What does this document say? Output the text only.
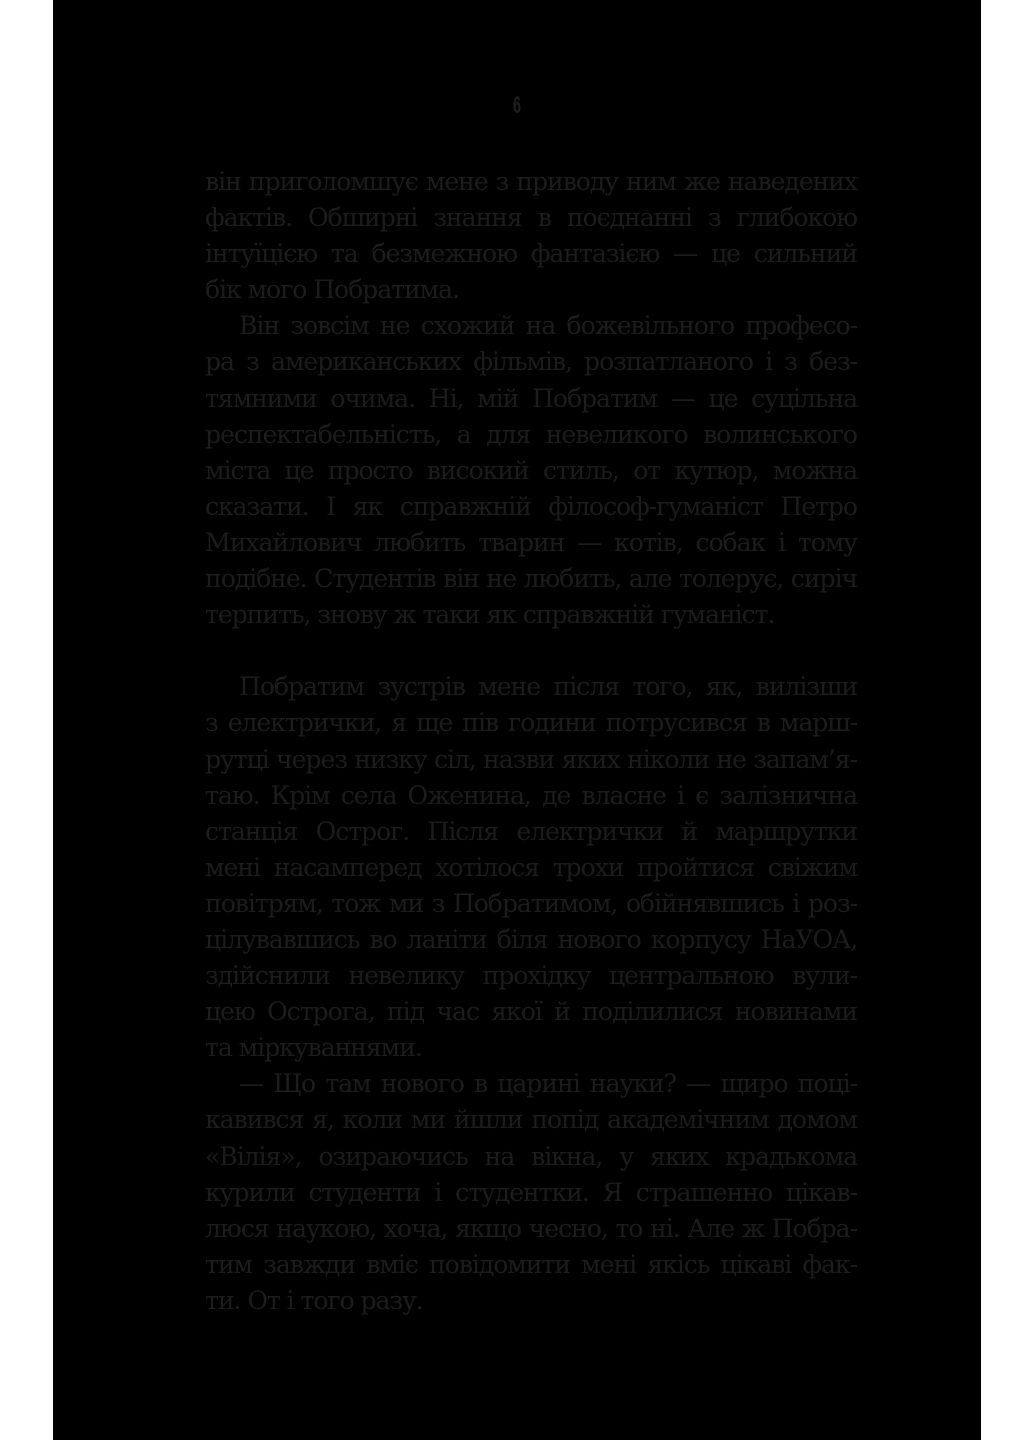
6
він приголомшує мене з приводу ним же наведених
фактів. Обширні знання в поєднанні з глибокою
інтуїцією та безмежною фантазією — це сильний
бік мого Побратима.
Він зовсім не схожий на божевільного професо-
ра з американських фільмів, розпатланого і з без-
тямними очима. Ні, мій Побратим — це суцільна
респектабельність, а для невеликого волинського
міста це просто високий стиль, от кутюр, можна
сказати. І як справжній філософ-гуманіст Петро
Михайлович любить тварин — котів, собак і тому
подібне. Студентів він не любить, але толерує, сиріч
терпить, знову ж таки як справжній гуманіст.
Побратим зустрів мене після того, як, вилізши
з електрички, я ще пів години потрусився в марш-
рутці через низку сіл, назви яких ніколи не запам’я-
таю. Крім села Оженина, де власне і є залізнична
станція Острог. Після електрички й маршрутки
мені насамперед хотілося трохи пройтися свіжим
повітрям, тож ми з Побратимом, обійнявшись і роз-
цілувавшись во ланіти біля нового корпусу НаУОА,
здійснили невелику прохідку центральною вули-
цею Острога, під час якої й поділилися новинами
та міркуваннями.
— Що там нового в царині науки? — щиро поці-
кавився я, коли ми йшли попід академічним домом
«Вілія», озираючись на вікна, у яких крадькома
курили студенти і студентки. Я страшенно цікав-
люся наукою, хоча, якщо чесно, то ні. Але ж Побра-
тим завжди вміє повідомити мені якісь цікаві фак-
ти. От і того разу.
